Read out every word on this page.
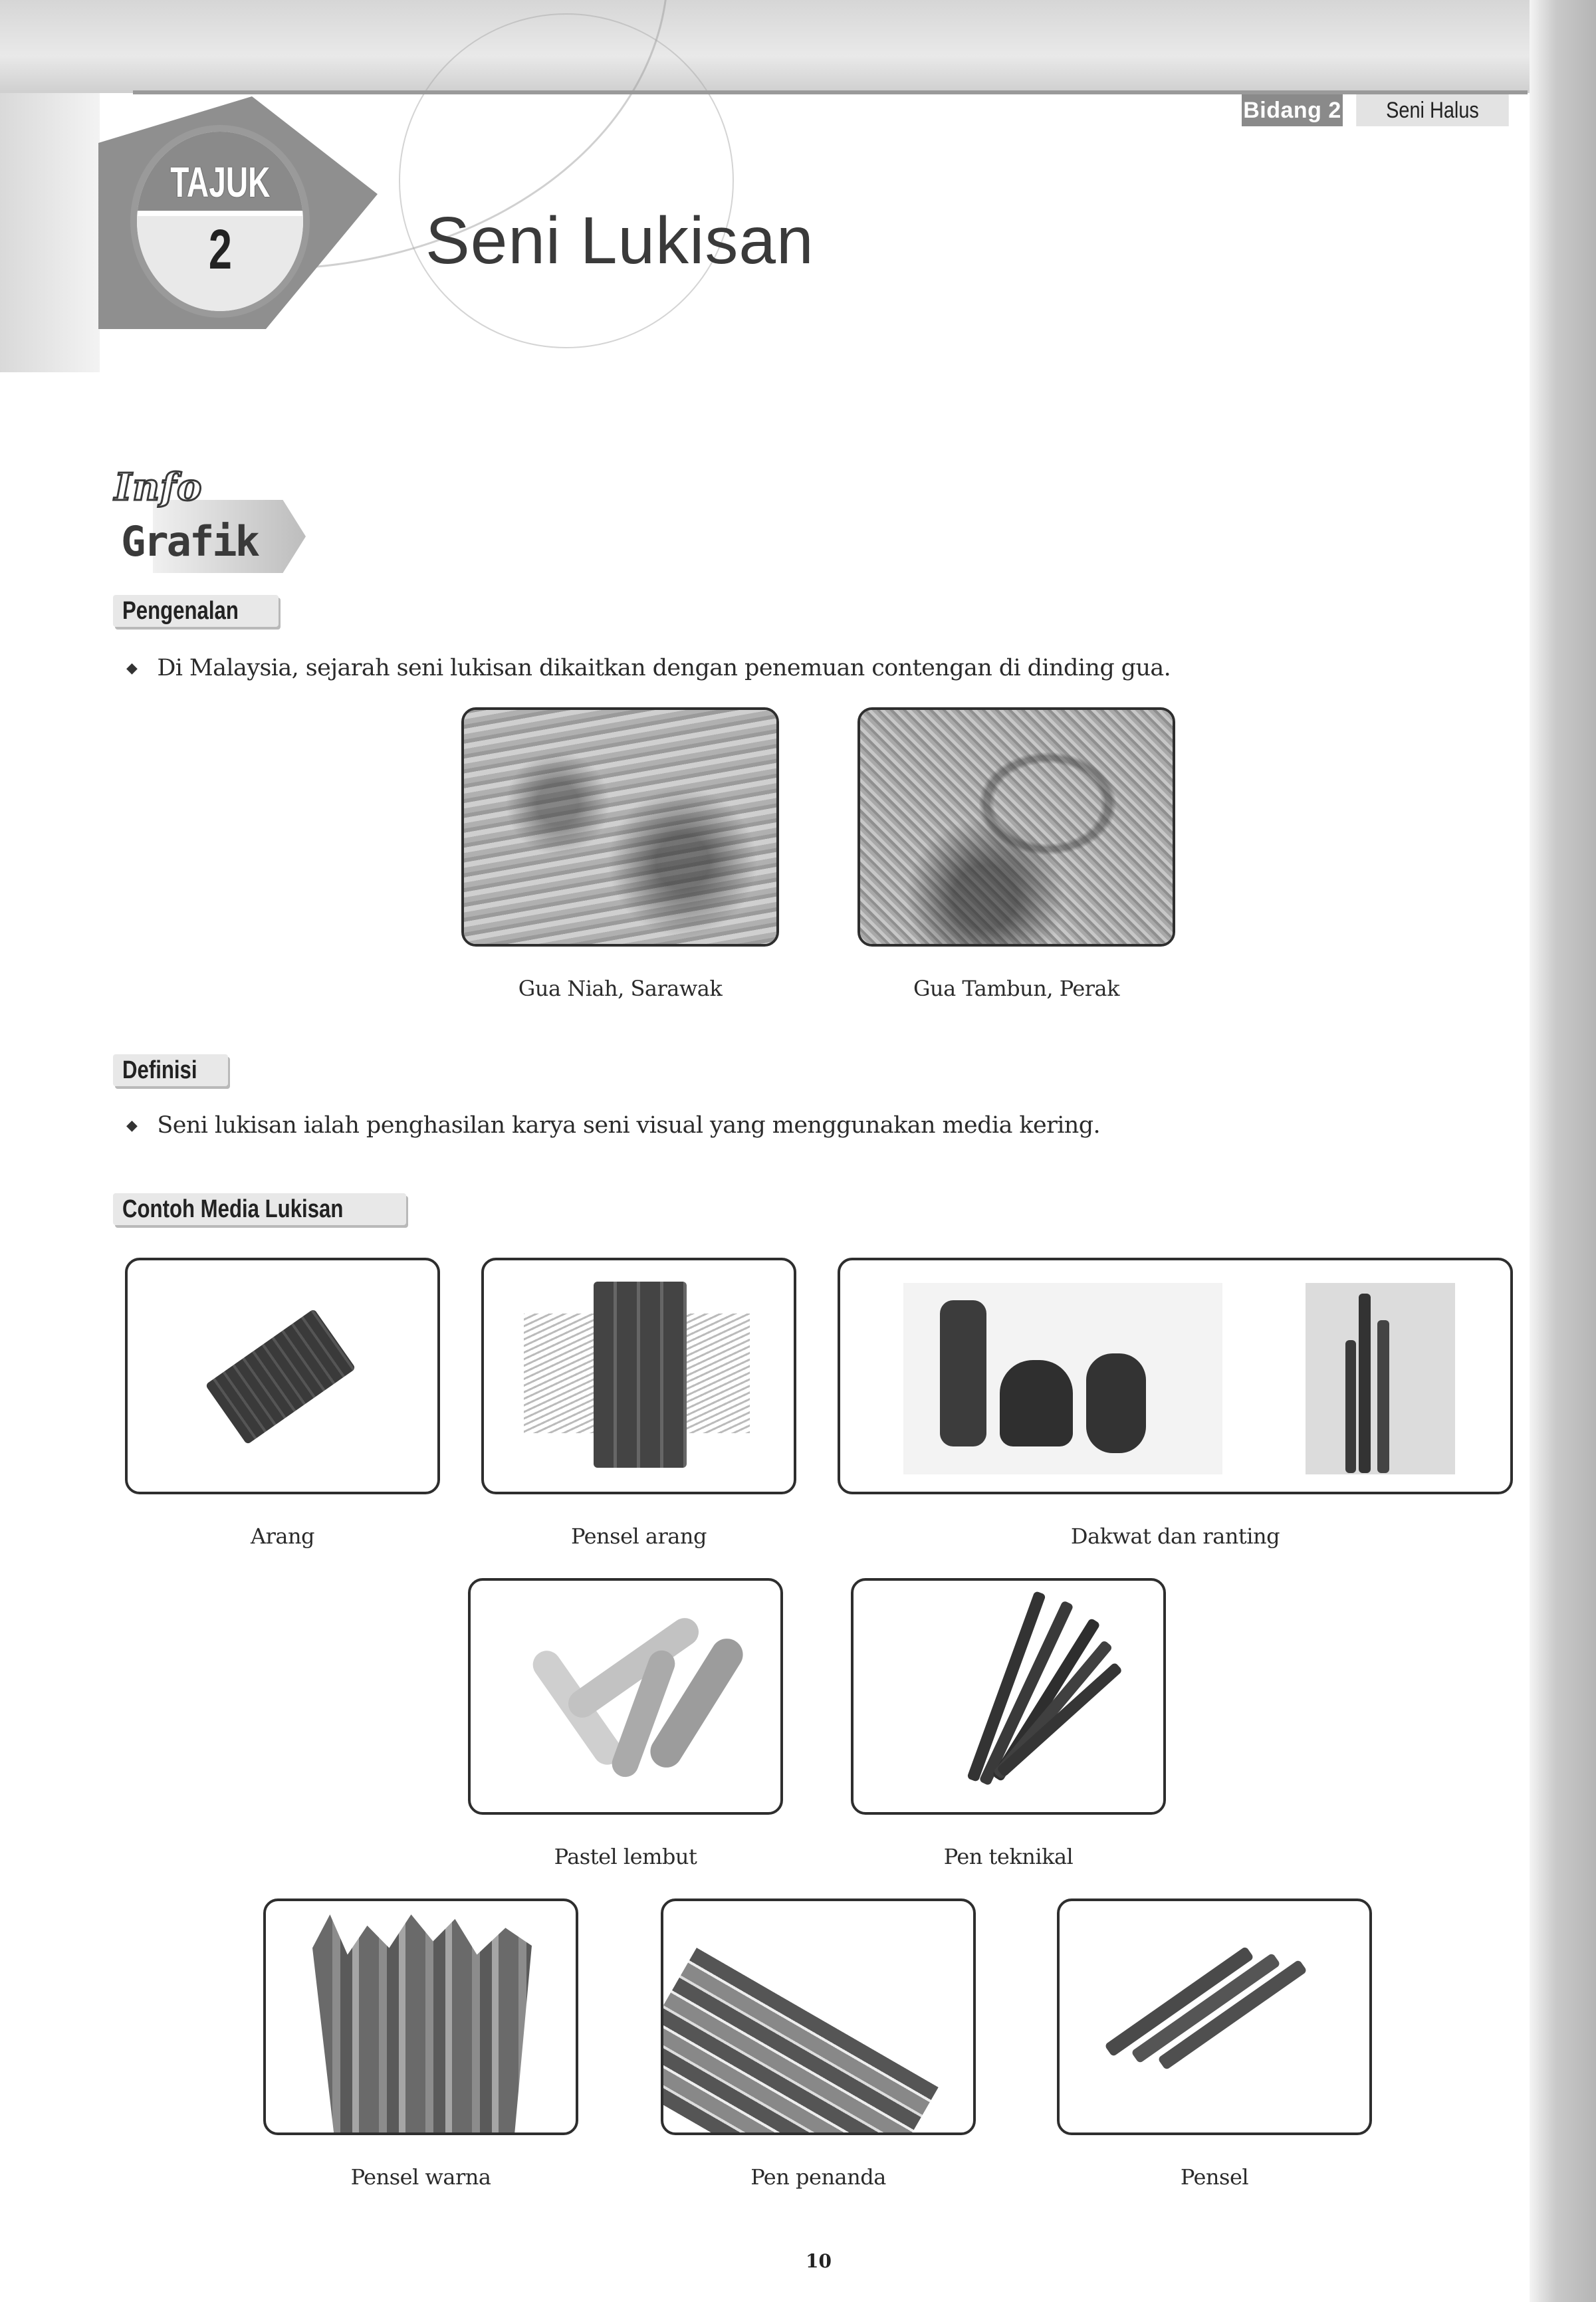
Bidang 2	Seni Halus
TAJUK
2	Seni Lukisan
Info
Grafik
Pengenalan
◆ Di Malaysia, sejarah seni lukisan dikaitkan dengan penemuan contengan di dinding gua.
Gua Niah, Sarawak	Gua Tambun, Perak
Definisi
◆ Seni lukisan ialah penghasilan karya seni visual yang menggunakan media kering.
Contoh Media Lukisan
Arang	Pensel arang	Dakwat dan ranting
Pastel lembut	Pen teknikal
Pensel warna	Pen penanda	Pensel
10
